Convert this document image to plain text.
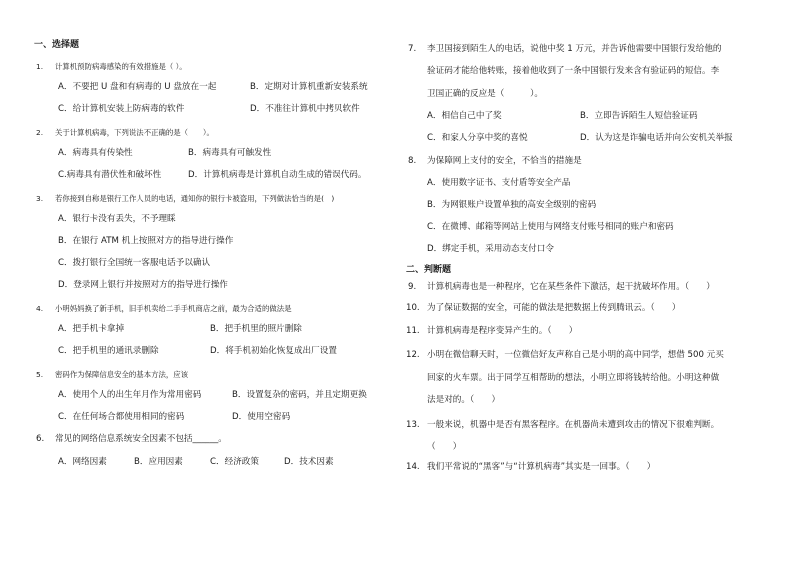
一、选择题
1. 计算机预防病毒感染的有效措施是（ ）。
A．不要把 U 盘和有病毒的 U 盘放在一起	B．定期对计算机重新安装系统
C．给计算机安装上防病毒的软件	D．不准往计算机中拷贝软件
2. 关于计算机病毒，下列说法不正确的是（　　）。
A．病毒具有传染性	B．病毒具有可触发性
C.病毒具有潜伏性和破坏性	D．计算机病毒是计算机自动生成的错误代码。
3. 若你接到自称是银行工作人员的电话，通知你的银行卡被盗用，下列做法恰当的是(　)
A．银行卡没有丢失，不予理睬
B．在银行 ATM 机上按照对方的指导进行操作
C．拨打银行全国统一客服电话予以确认
D．登录网上银行并按照对方的指导进行操作
4. 小明妈妈换了新手机，旧手机卖给二手手机商店之前，最为合适的做法是
A．把手机卡拿掉	B．把手机里的照片删除
C．把手机里的通讯录删除	D．将手机初始化恢复成出厂设置
5. 密码作为保障信息安全的基本方法，应该
A．使用个人的出生年月作为常用密码	B．设置复杂的密码，并且定期更换
C．在任何场合都使用相同的密码	D．使用空密码
6. 常见的网络信息系统安全因素不包括______。
A．网络因素	B．应用因素	C．经济政策	D．技术因素
7. 李卫国接到陌生人的电话，说他中奖 1 万元，并告诉他需要中国银行发给他的
验证码才能给他转账，接着他收到了一条中国银行发来含有验证码的短信。李
卫国正确的反应是（　　　）。
A．相信自己中了奖	B．立即告诉陌生人短信验证码
C．和家人分享中奖的喜悦	D．认为这是诈骗电话并向公安机关举报
8. 为保障网上支付的安全，不恰当的措施是
A．使用数字证书、支付盾等安全产品
B．为网银账户设置单独的高安全级别的密码
C．在微博、邮箱等网站上使用与网络支付账号相同的账户和密码
D．绑定手机，采用动态支付口令
二、判断题
9. 计算机病毒也是一种程序，它在某些条件下激活，起干扰破坏作用。（　　）
10. 为了保证数据的安全，可能的做法是把数据上传到腾讯云。（　　）
11. 计算机病毒是程序变异产生的。（　　）
12. 小明在微信聊天时，一位微信好友声称自己是小明的高中同学，想借 500 元买
回家的火车票。出于同学互相帮助的想法，小明立即将钱转给他。小明这种做
法是对的。（　　）
13. 一般来说，机器中是否有黑客程序。在机器尚未遭到攻击的情况下很难判断。
（　　）
14. 我们平常说的“黑客”与“计算机病毒”其实是一回事。（　　）
